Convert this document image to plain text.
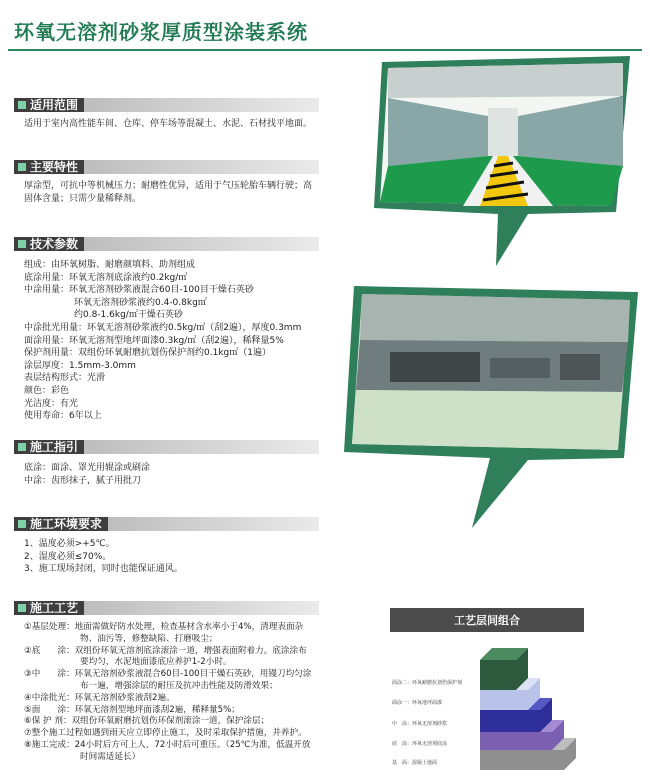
环氧无溶剂砂浆厚质型涂装系统
适用范围
适用于室内高性能车间、仓库、停车场等混凝土、水泥、石材找平地面。
主要特性
厚涂型，可抗中等机械压力；耐磨性优异，适用于气压轮胎车辆行驶；高
固体含量；只需少量稀释剂。
技术参数
组成：由环氧树脂、耐磨颜填料、助剂组成
底涂用量：环氧无溶剂底涂液约0.2kg/㎡
中涂用量：环氧无溶剂砂浆液混合60目-100目干燥石英砂
环氧无溶剂砂浆液约0.4-0.8kg㎡
约0.8-1.6kg/㎡干燥石英砂
中涂批光用量：环氧无溶剂砂浆液约0.5kg/㎡（刮2遍），厚度0.3mm
面涂用量：环氧无溶剂型地坪面漆0.3kg/㎡（刮2遍），稀释量5%
保护剂用量：双组份环氧耐磨抗划伤保护剂约0.1kg㎡（1遍）
涂层厚度：1.5mm-3.0mm
表层结构形式：光滑
颜色：彩色
光洁度：有光
使用寿命：6年以上
施工指引
底涂：面涂、罩光用辊涂或刷涂
中涂：齿形抹子，腻子用批刀
施工环境要求
1、温度必须>+5℃。
2、湿度必须≤70%。
3、施工现场封闭，同时也能保证通风。
施工工艺
①基层处理：地面需做好防水处理，检查基材含水率小于4%，清理表面杂
物、油污等，修整缺陷、打磨吸尘；
②底　　涂：双组份环氧无溶剂底涂滚涂一道，增强表面附着力。底涂涂布
要均匀，水泥地面漆底应养护1-2小时。
③中　　涂：环氧无溶剂砂浆液混合60目-100目干燥石英砂，用镘刀均匀涂
布一遍，增强涂层的耐压及抗冲击性能及防滑效果；
④中涂批光：环氧无溶剂砂浆液刮2遍。
⑤面　　涂：环氧无溶剂型地坪面漆刮2遍，稀释量5%；
⑥保 护 剂：双组份环氧耐磨抗划伤环保剂滚涂一道，保护涂层；
⑦整个施工过程如遇到雨天应立即停止施工，及时采取保护措施，并养护。
⑧施工完成：24小时后方可上人，72小时后可重压。（25℃为准，低温开放
时间需适延长）
工艺层间组合
面涂二：环氧耐磨抗划伤保护剂
面涂一：环氧地坪面漆
中　涂：环氧无溶剂砂浆
底　涂：环氧无溶剂底涂
基　面：混凝土地面
